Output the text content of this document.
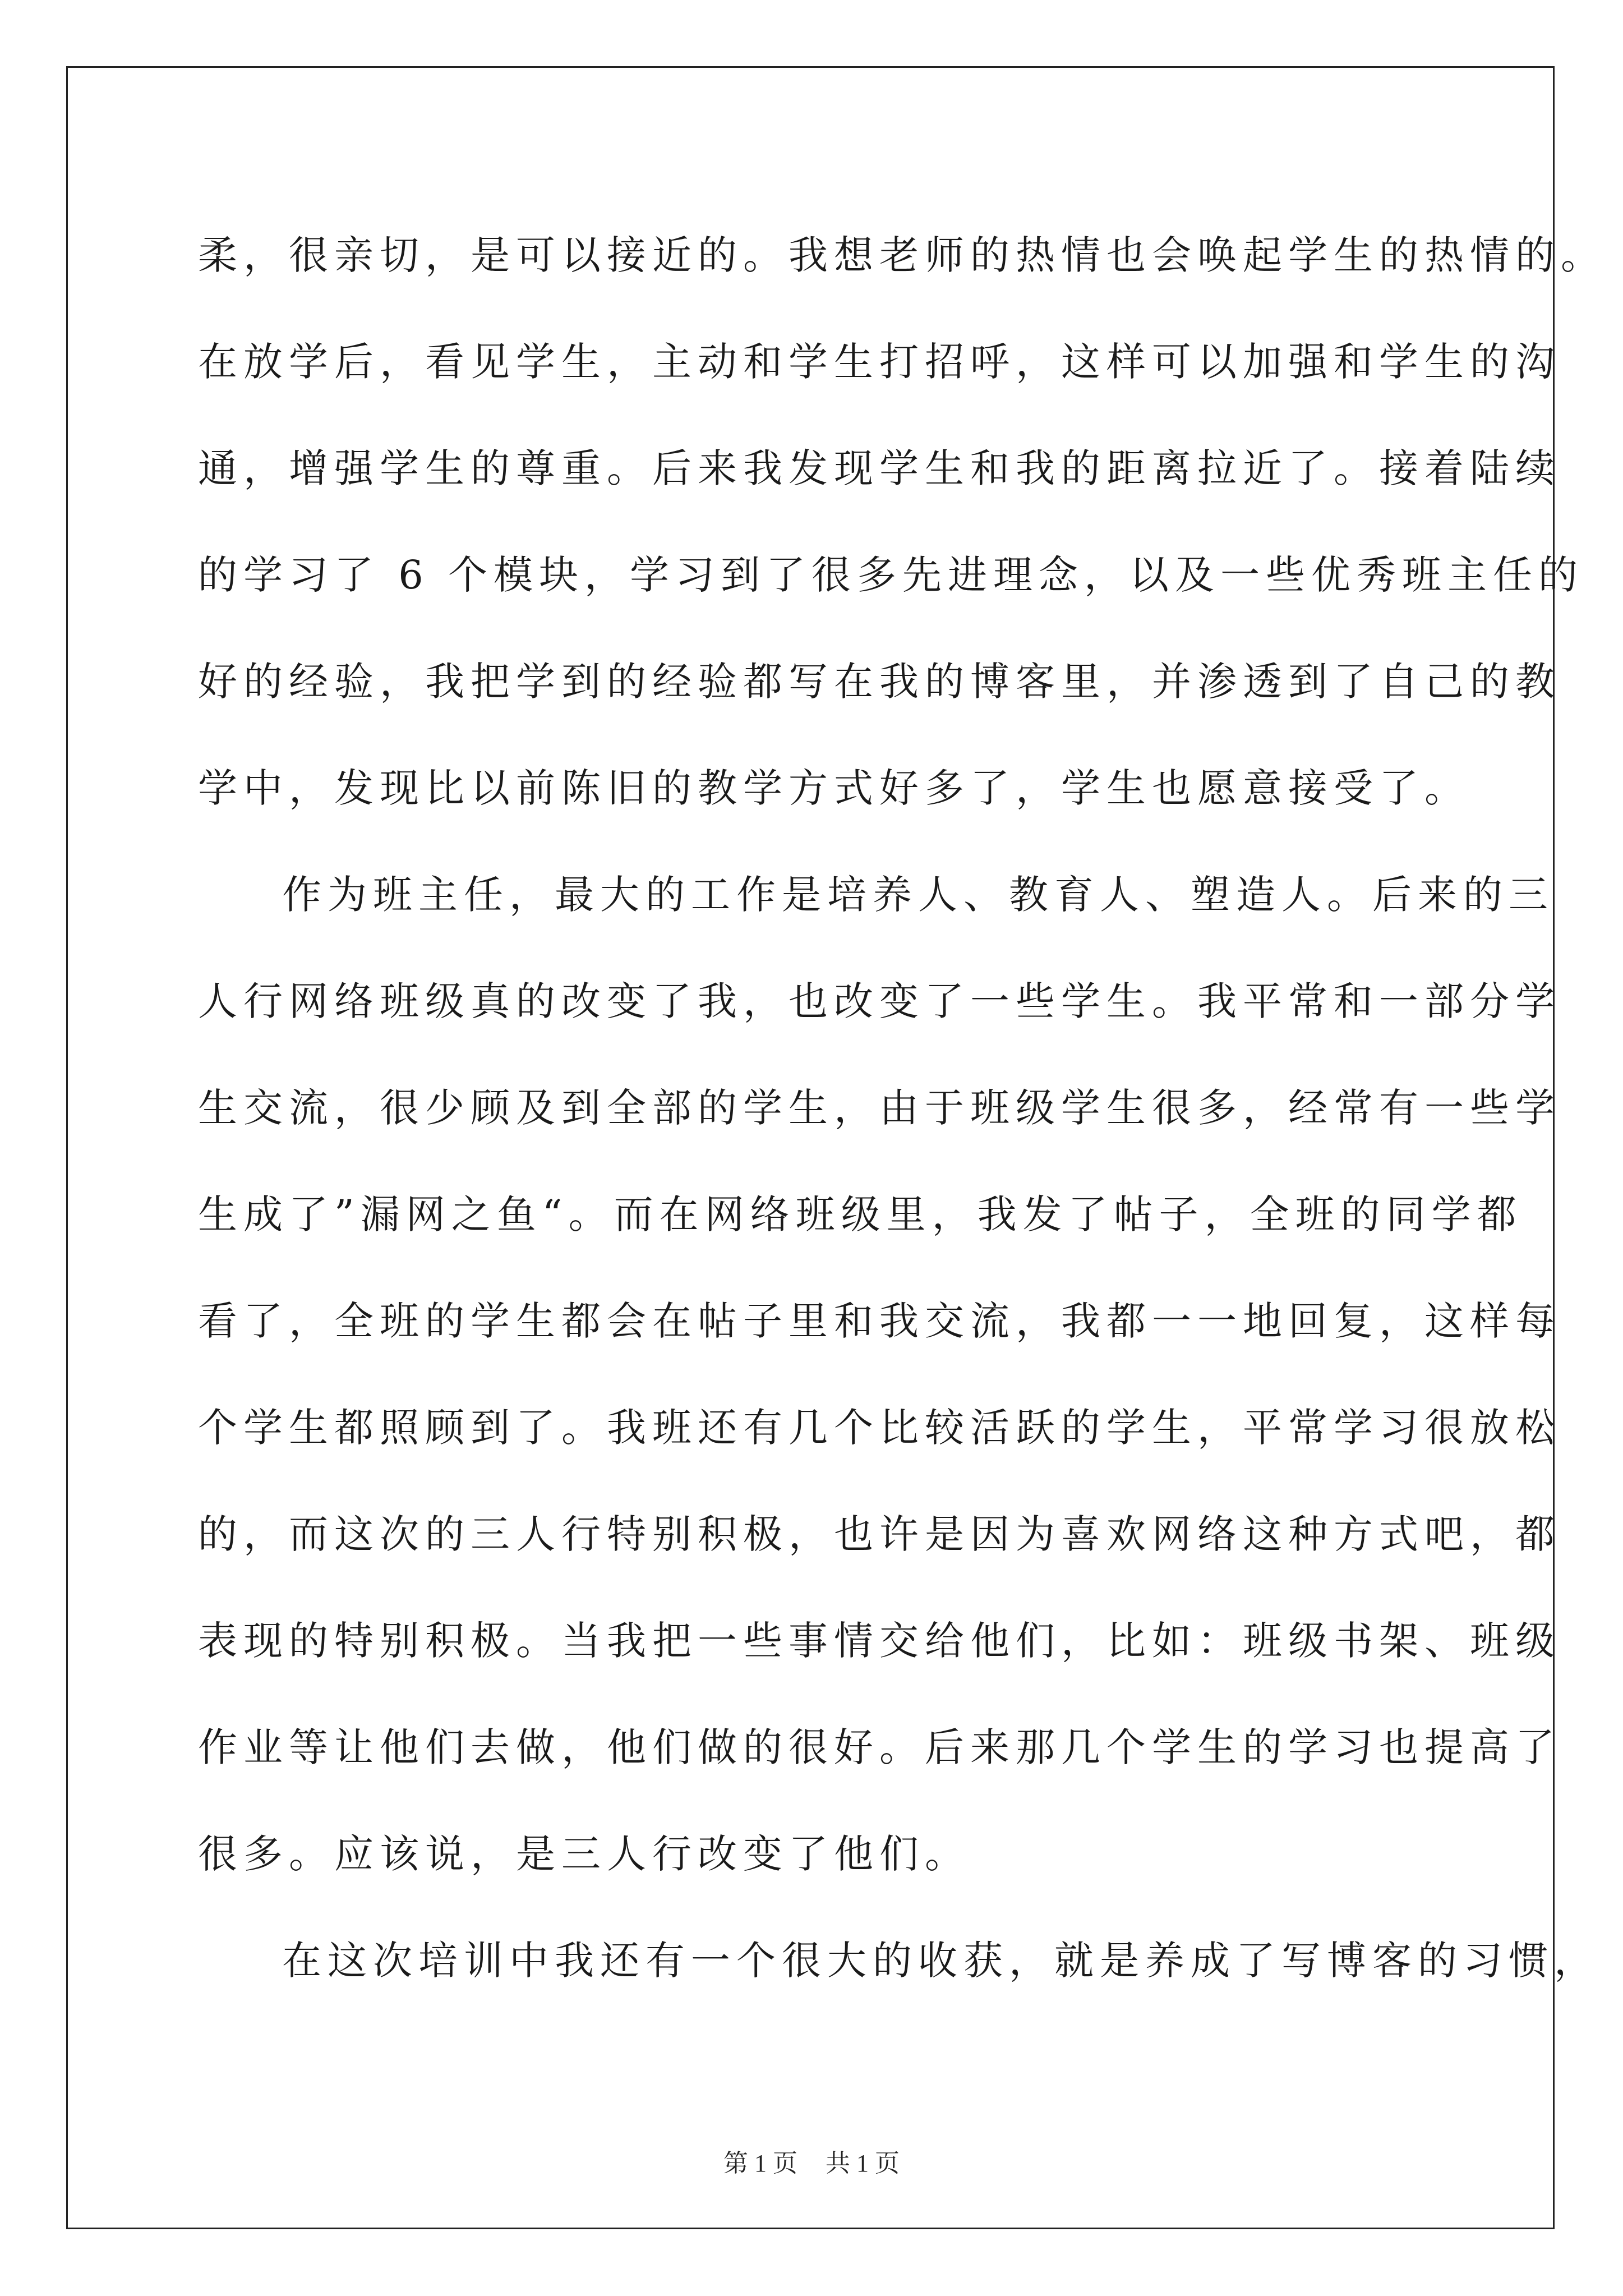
柔，很亲切，是可以接近的。我想老师的热情也会唤起学生的热情的。
在放学后，看见学生，主动和学生打招呼，这样可以加强和学生的沟
通，增强学生的尊重。后来我发现学生和我的距离拉近了。接着陆续
的学习了 6 个模块，学习到了很多先进理念，以及一些优秀班主任的
好的经验，我把学到的经验都写在我的博客里，并渗透到了自己的教
学中，发现比以前陈旧的教学方式好多了，学生也愿意接受了。
作为班主任，最大的工作是培养人、教育人、塑造人。后来的三
人行网络班级真的改变了我，也改变了一些学生。我平常和一部分学
生交流，很少顾及到全部的学生，由于班级学生很多，经常有一些学
生成了”漏网之鱼“。而在网络班级里，我发了帖子，全班的同学都
看了，全班的学生都会在帖子里和我交流，我都一一地回复，这样每
个学生都照顾到了。我班还有几个比较活跃的学生，平常学习很放松
的，而这次的三人行特别积极，也许是因为喜欢网络这种方式吧，都
表现的特别积极。当我把一些事情交给他们，比如：班级书架、班级
作业等让他们去做，他们做的很好。后来那几个学生的学习也提高了
很多。应该说，是三人行改变了他们。
在这次培训中我还有一个很大的收获，就是养成了写博客的习惯，
第 1 页 共 1 页
